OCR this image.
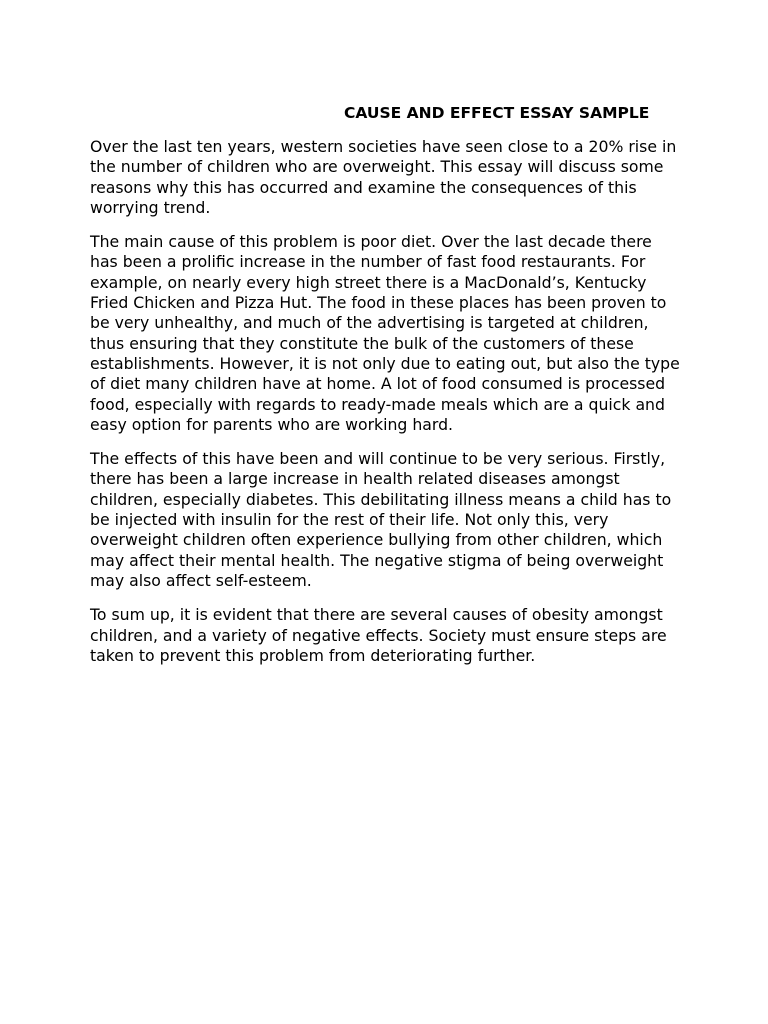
CAUSE AND EFFECT ESSAY SAMPLE

Over the last ten years, western societies have seen close to a 20% rise in the number of children who are overweight. This essay will discuss some reasons why this has occurred and examine the consequences of this worrying trend.

The main cause of this problem is poor diet. Over the last decade there has been a prolific increase in the number of fast food restaurants. For example, on nearly every high street there is a MacDonald’s, Kentucky Fried Chicken and Pizza Hut. The food in these places has been proven to be very unhealthy, and much of the advertising is targeted at children, thus ensuring that they constitute the bulk of the customers of these establishments. However, it is not only due to eating out, but also the type of diet many children have at home. A lot of food consumed is processed food, especially with regards to ready-made meals which are a quick and easy option for parents who are working hard.

The effects of this have been and will continue to be very serious. Firstly, there has been a large increase in health related diseases amongst children, especially diabetes. This debilitating illness means a child has to be injected with insulin for the rest of their life. Not only this, very overweight children often experience bullying from other children, which may affect their mental health. The negative stigma of being overweight may also affect self-esteem.

To sum up, it is evident that there are several causes of obesity amongst children, and a variety of negative effects. Society must ensure steps are taken to prevent this problem from deteriorating further.
